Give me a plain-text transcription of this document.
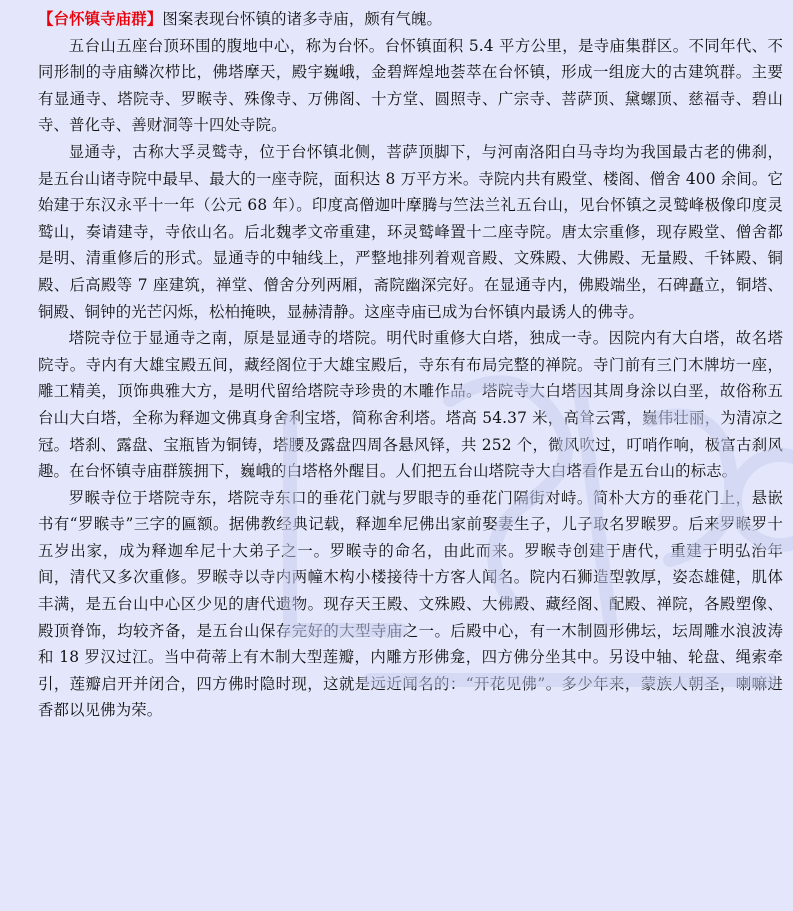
【台怀镇寺庙群】图案表现台怀镇的诸多寺庙，颇有气魄。

五台山五座台顶环围的腹地中心，称为台怀。台怀镇面积 5.4 平方公里，是寺庙集群区。不同年代、不同形制的寺庙鳞次栉比，佛塔摩天，殿宇巍峨，金碧辉煌地荟萃在台怀镇，形成一组庞大的古建筑群。主要有显通寺、塔院寺、罗睺寺、殊像寺、万佛阁、十方堂、圆照寺、广宗寺、菩萨顶、黛螺顶、慈福寺、碧山寺、普化寺、善财洞等十四处寺院。

显通寺，古称大孚灵鹫寺，位于台怀镇北侧，菩萨顶脚下，与河南洛阳白马寺均为我国最古老的佛刹，是五台山诸寺院中最早、最大的一座寺院，面积达 8 万平方米。寺院内共有殿堂、楼阁、僧舍 400 余间。它始建于东汉永平十一年（公元 68 年）。印度高僧迦叶摩腾与竺法兰礼五台山，见台怀镇之灵鹫峰极像印度灵鹫山，奏请建寺，寺依山名。后北魏孝文帝重建，环灵鹫峰置十二座寺院。唐太宗重修，现存殿堂、僧舍都是明、清重修后的形式。显通寺的中轴线上，严整地排列着观音殿、文殊殿、大佛殿、无量殿、千钵殿、铜殿、后高殿等 7 座建筑，禅堂、僧舍分列两厢，斋院幽深完好。在显通寺内，佛殿端坐，石碑矗立，铜塔、铜殿、铜钟的光芒闪烁，松柏掩映，显赫清静。这座寺庙已成为台怀镇内最诱人的佛寺。

塔院寺位于显通寺之南，原是显通寺的塔院。明代时重修大白塔，独成一寺。因院内有大白塔，故名塔院寺。寺内有大雄宝殿五间，藏经阁位于大雄宝殿后，寺东有布局完整的禅院。寺门前有三门木牌坊一座，雕工精美，顶饰典雅大方，是明代留给塔院寺珍贵的木雕作品。塔院寺大白塔因其周身涂以白垩，故俗称五台山大白塔，全称为释迦文佛真身舍利宝塔，简称舍利塔。塔高 54.37 米，高耸云霄，巍伟壮丽，为清凉之冠。塔刹、露盘、宝瓶皆为铜铸，塔腰及露盘四周各悬风铎，共 252 个，微风吹过，叮哨作响，极富古刹风趣。在台怀镇寺庙群簇拥下，巍峨的白塔格外醒目。人们把五台山塔院寺大白塔看作是五台山的标志。

罗睺寺位于塔院寺东，塔院寺东口的垂花门就与罗眼寺的垂花门隔街对峙。简朴大方的垂花门上，悬嵌书有“罗睺寺”三字的匾额。据佛教经典记载，释迦牟尼佛出家前娶妻生子，儿子取名罗睺罗。后来罗睺罗十五岁出家，成为释迦牟尼十大弟子之一。罗睺寺的命名，由此而来。罗睺寺创建于唐代，重建于明弘治年间，清代又多次重修。罗睺寺以寺内两幢木构小楼接待十方客人闻名。院内石狮造型敦厚，姿态雄健，肌体丰满，是五台山中心区少见的唐代遗物。现存天王殿、文殊殿、大佛殿、藏经阁、配殿、禅院，各殿塑像、殿顶脊饰，均较齐备，是五台山保存完好的大型寺庙之一。后殿中心，有一木制圆形佛坛，坛周雕水浪波涛和 18 罗汉过江。当中荷蒂上有木制大型莲瓣，内雕方形佛龛，四方佛分坐其中。另设中轴、轮盘、绳索牵引，莲瓣启开并闭合，四方佛时隐时现，这就是远近闻名的：“开花见佛”。多少年来，蒙族人朝圣，喇嘛进香都以见佛为荣。
